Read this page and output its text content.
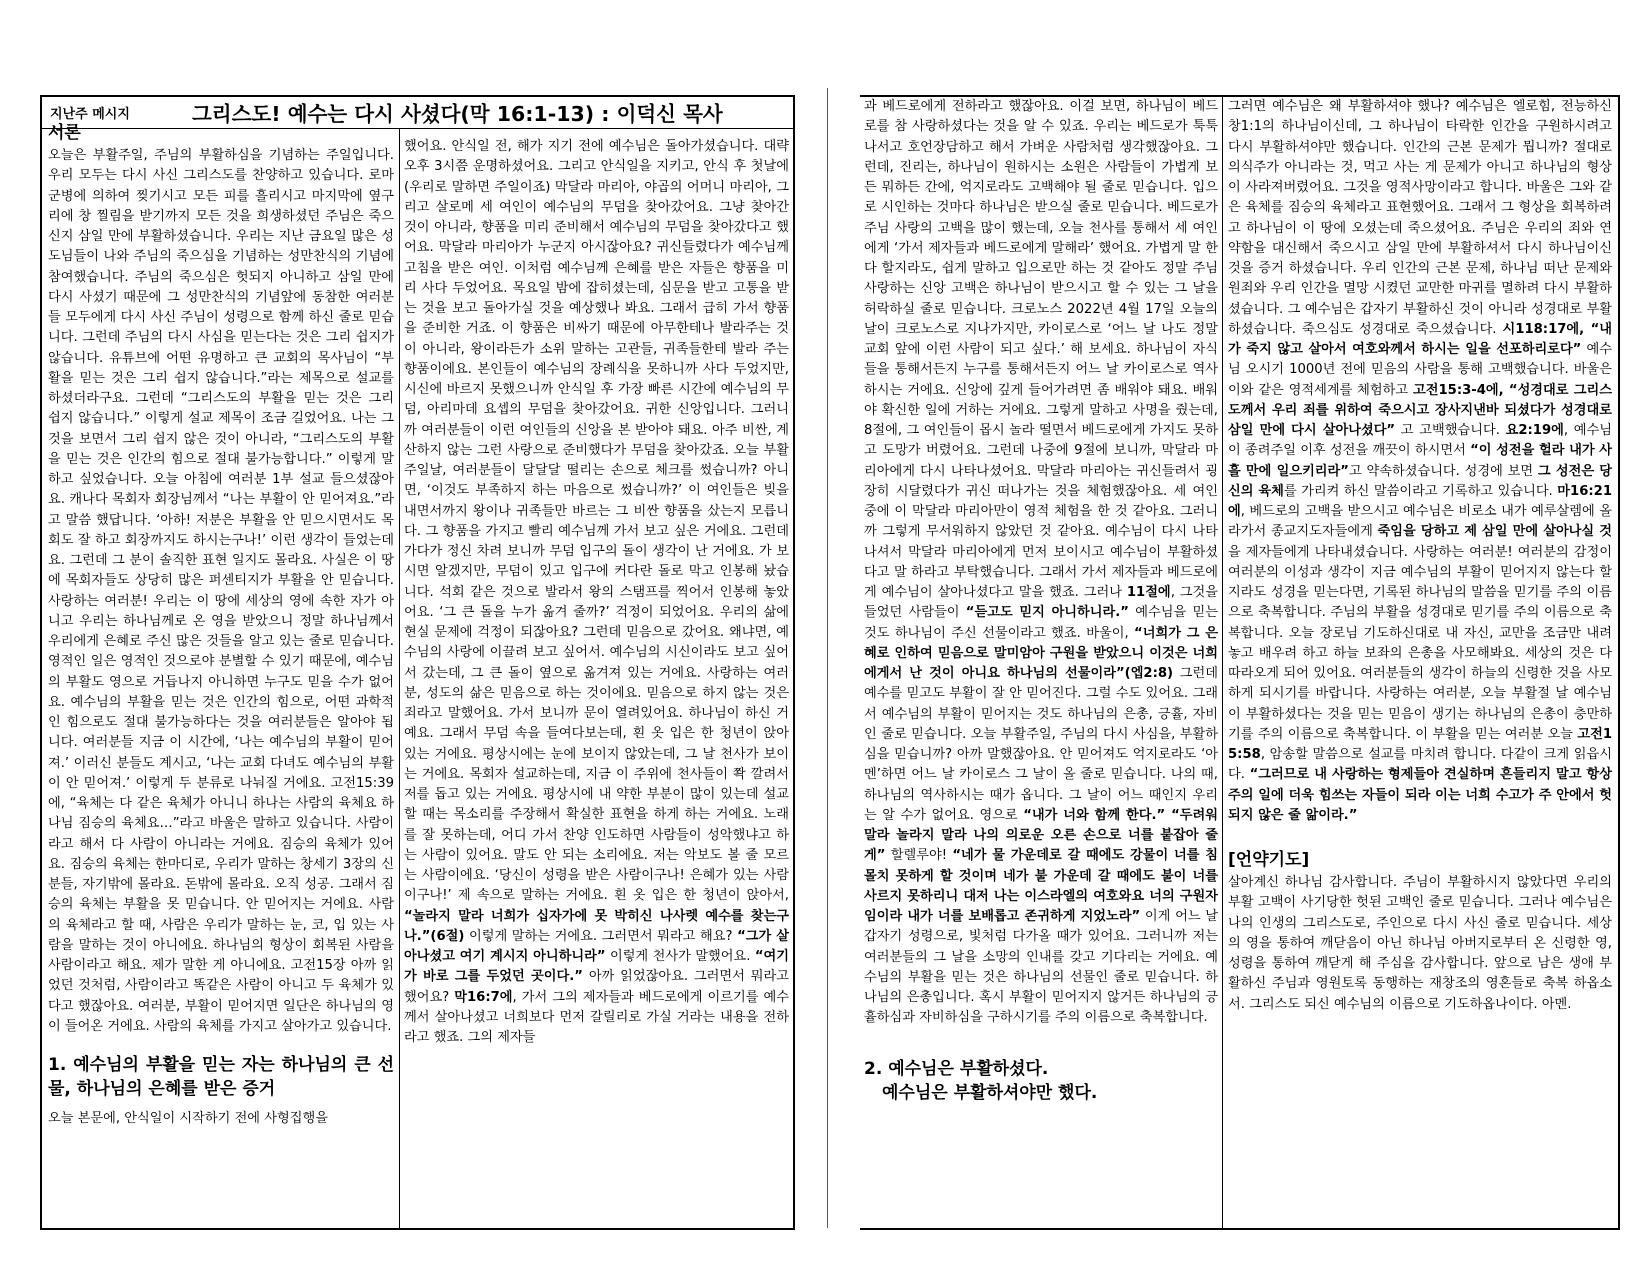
지난주 메시지	그리스도! 예수는 다시 사셨다(막 16:1-13) : 이덕신 목사

서론

오늘은 부활주일, 주님의 부활하심을 기념하는 주일입니다. 우리 모두는 다시 사신 그리스도를 찬양하고 있습니다. 로마 군병에 의하여 찢기시고 모든 피를 흘리시고 마지막에 옆구리에 창 찔림을 받기까지 모든 것을 희생하셨던 주님은 죽으신지 삼일 만에 부활하셨습니다. 우리는 지난 금요일 많은 성도님들이 나와 주님의 죽으심을 기념하는 성만찬식의 기념에 참여했습니다. 주님의 죽으심은 헛되지 아니하고 삼일 만에 다시 사셨기 때문에 그 성만찬식의 기념앞에 동참한 여러분들 모두에게 다시 사신 주님이 성령으로 함께 하신 줄로 믿습니다. 그런데 주님의 다시 사심을 믿는다는 것은 그리 쉽지가 않습니다. 유튜브에 어떤 유명하고 큰 교회의 목사님이 “부활을 믿는 것은 그리 쉽지 않습니다.”라는 제목으로 설교를 하셨더라구요. 그런데 “그리스도의 부활을 믿는 것은 그리 쉽지 않습니다.” 이렇게 설교 제목이 조금 길었어요. 나는 그것을 보면서 그리 쉽지 않은 것이 아니라, “그리스도의 부활을 믿는 것은 인간의 힘으로 절대 불가능합니다.” 이렇게 말하고 싶었습니다. 오늘 아침에 여러분 1부 설교 들으셨잖아요. 캐나다 목회자 회장님께서 “나는 부활이 안 믿어져요.”라고 말씀 했답니다. ‘아하! 저분은 부활을 안 믿으시면서도 목회도 잘 하고 회장까지도 하시는구나!’ 이런 생각이 들었는데요. 그런데 그 분이 솔직한 표현 일지도 몰라요. 사실은 이 땅에 목회자들도 상당히 많은 퍼센티지가 부활을 안 믿습니다. 사랑하는 여러분! 우리는 이 땅에 세상의 영에 속한 자가 아니고 우리는 하나님께로 온 영을 받았으니 정말 하나님께서 우리에게 은혜로 주신 많은 것들을 알고 있는 줄로 믿습니다. 영적인 일은 영적인 것으로야 분별할 수 있기 때문에, 예수님의 부활도 영으로 거듭나지 아니하면 누구도 믿을 수가 없어요. 예수님의 부활을 믿는 것은 인간의 힘으로, 어떤 과학적인 힘으로도 절대 불가능하다는 것을 여러분들은 알아야 됩니다. 여러분들 지금 이 시간에, ‘나는 예수님의 부활이 믿어져.’ 이러신 분들도 계시고, ‘나는 교회 다녀도 예수님의 부활이 안 믿어져.’ 이렇게 두 분류로 나눠질 거에요. 고전15:39에, “육체는 다 같은 육체가 아니니 하나는 사람의 육체요 하나님 짐승의 육체요…”라고 바울은 말하고 있습니다. 사람이라고 해서 다 사람이 아니라는 거에요. 짐승의 육체가 있어요. 짐승의 육체는 한마디로, 우리가 말하는 창세기 3장의 신분들, 자기밖에 몰라요. 돈밖에 몰라요. 오직 성공. 그래서 짐승의 육체는 부활을 못 믿습니다. 안 믿어지는 거에요. 사람의 육체라고 할 때, 사람은 우리가 말하는 눈, 코, 입 있는 사람을 말하는 것이 아니에요. 하나님의 형상이 회복된 사람을 사람이라고 해요. 제가 말한 게 아니에요. 고전15장 아까 읽었던 것처럼, 사람이라고 똑같은 사람이 아니고 두 육체가 있다고 했잖아요. 여러분, 부활이 믿어지면 일단은 하나님의 영이 들어온 거에요. 사람의 육체를 가지고 살아가고 있습니다.

1. 예수님의 부활을 믿는 자는 하나님의 큰 선물, 하나님의 은혜를 받은 증거

오늘 본문에, 안식일이 시작하기 전에 사형집행을

했어요. 안식일 전, 해가 지기 전에 예수님은 돌아가셨습니다. 대략 오후 3시쯤 운명하셨어요. 그리고 안식일을 지키고, 안식 후 첫날에(우리로 말하면 주일이죠) 막달라 마리아, 야곱의 어머니 마리아, 그리고 살로메 세 여인이 예수님의 무덤을 찾아갔어요. 그냥 찾아간 것이 아니라, 향품을 미리 준비해서 예수님의 무덤을 찾아갔다고 했어요. 막달라 마리아가 누군지 아시잖아요? 귀신들렸다가 예수님께 고침을 받은 여인. 이처럼 예수님께 은혜를 받은 자들은 향품을 미리 사다 두었어요. 목요일 밤에 잡히셨는데, 심문을 받고 고통을 받는 것을 보고 돌아가실 것을 예상했나 봐요. 그래서 급히 가서 향품을 준비한 거죠. 이 향품은 비싸기 때문에 아무한테나 발라주는 것이 아니라, 왕이라든가 소위 말하는 고관들, 귀족들한테 발라 주는 향품이에요. 본인들이 예수님의 장례식을 못하니까 사다 두었지만, 시신에 바르지 못했으니까 안식일 후 가장 빠른 시간에 예수님의 무덤, 아리마데 요셉의 무덤을 찾아갔어요. 귀한 신앙입니다. 그러니까 여러분들이 이런 여인들의 신앙을 본 받아야 돼요. 아주 비싼, 계산하지 않는 그런 사랑으로 준비했다가 무덤을 찾아갔죠. 오늘 부활주일날, 여러분들이 달달달 떨리는 손으로 체크를 썼습니까? 아니면, ‘이것도 부족하지 하는 마음으로 썼습니까?’ 이 여인들은 빚을 내면서까지 왕이나 귀족들만 바르는 그 비싼 향품을 샀는지 모릅니다. 그 향품을 가지고 빨리 예수님께 가서 보고 싶은 거에요. 그런데 가다가 정신 차려 보니까 무덤 입구의 돌이 생각이 난 거에요. 가 보시면 알겠지만, 무덤이 있고 입구에 커다란 돌로 막고 인봉해 놨습니다. 석회 같은 것으로 발라서 왕의 스탬프를 찍어서 인봉해 놓았어요. ‘그 큰 돌을 누가 옮겨 줄까?’ 걱정이 되었어요. 우리의 삶에 현실 문제에 걱정이 되잖아요? 그런데 믿음으로 갔어요. 왜냐면, 예수님의 사랑에 이끌려 보고 싶어서. 예수님의 시신이라도 보고 싶어서 갔는데, 그 큰 돌이 옆으로 옮겨져 있는 거에요. 사랑하는 여러분, 성도의 삶은 믿음으로 하는 것이에요. 믿음으로 하지 않는 것은 죄라고 말했어요. 가서 보니까 문이 열려있어요. 하나님이 하신 거예요. 그래서 무덤 속을 들여다보는데, 흰 옷 입은 한 청년이 앉아 있는 거에요. 평상시에는 눈에 보이지 않았는데, 그 날 천사가 보이는 거에요. 목회자 설교하는데, 지금 이 주위에 천사들이 쫙 깔려서 저를 돕고 있는 거에요. 평상시에 내 약한 부분이 많이 있는데 설교할 때는 목소리를 주장해서 확실한 표현을 하게 하는 거에요. 노래를 잘 못하는데, 어디 가서 찬양 인도하면 사람들이 성악했냐고 하는 사람이 있어요. 말도 안 되는 소리에요. 저는 악보도 볼 줄 모르는 사람이에요. ‘당신이 성령을 받은 사람이구나! 은혜가 있는 사람이구나!’ 제 속으로 말하는 거에요. 흰 옷 입은 한 청년이 앉아서, “놀라지 말라 너희가 십자가에 못 박히신 나사렛 예수를 찾는구나.”(6절) 이렇게 말하는 거에요. 그러면서 뭐라고 해요? “그가 살아나셨고 여기 계시지 아니하니라” 이렇게 천사가 말했어요. “여기가 바로 그를 두었던 곳이다.” 아까 읽었잖아요. 그러면서 뭐라고 했어요? 막16:7에, 가서 그의 제자들과 베드로에게 이르기를 예수께서 살아나셨고 너희보다 먼저 갈릴리로 가실 거라는 내용을 전하라고 했죠. 그의 제자들

과 베드로에게 전하라고 했잖아요. 이걸 보면, 하나님이 베드로를 참 사랑하셨다는 것을 알 수 있죠. 우리는 베드로가 툭툭 나서고 호언장담하고 해서 가벼운 사람처럼 생각했잖아요. 그런데, 진리는, 하나님이 원하시는 소원은 사람들이 가볍게 보든 뭐하든 간에, 억지로라도 고백해야 될 줄로 믿습니다. 입으로 시인하는 것마다 하나님은 받으실 줄로 믿습니다. 베드로가 주님 사랑의 고백을 많이 했는데, 오늘 천사를 통해서 세 여인에게 ‘가서 제자들과 베드로에게 말해라’ 했어요. 가볍게 말 한다 할지라도, 쉽게 말하고 입으로만 하는 것 같아도 정말 주님 사랑하는 신앙 고백은 하나님이 받으시고 할 수 있는 그 날을 허락하실 줄로 믿습니다. 크로노스 2022년 4월 17일 오늘의 날이 크로노스로 지나가지만, 카이로스로 ‘어느 날 나도 정말 교회 앞에 이런 사람이 되고 싶다.’ 해 보세요. 하나님이 자식들을 통해서든지 누구를 통해서든지 어느 날 카이로스로 역사하시는 거에요. 신앙에 깊게 들어가려면 좀 배워야 돼요. 배워야 확신한 일에 거하는 거에요. 그렇게 말하고 사명을 줬는데, 8절에, 그 여인들이 몹시 놀라 떨면서 베드로에게 가지도 못하고 도망가 버렸어요. 그런데 나중에 9절에 보니까, 막달라 마리아에게 다시 나타나셨어요. 막달라 마리아는 귀신들려서 굉장히 시달렸다가 귀신 떠나가는 것을 체험했잖아요. 세 여인 중에 이 막달라 마리아만이 영적 체험을 한 것 같아요. 그러니까 그렇게 무서워하지 않았던 것 같아요. 예수님이 다시 나타 나셔서 막달라 마리아에게 먼저 보이시고 예수님이 부활하셨다고 말 하라고 부탁했습니다. 그래서 가서 제자들과 베드로에게 예수님이 살아나셨다고 말을 했죠. 그러나 11절에, 그것을 들었던 사람들이 “듣고도 믿지 아니하니라.” 예수님을 믿는 것도 하나님이 주신 선물이라고 했죠. 바울이, “너희가 그 은혜로 인하여 믿음으로 말미암아 구원을 받았으니 이것은 너희에게서 난 것이 아니요 하나님의 선물이라”(엡2:8) 그런데 예수를 믿고도 부활이 잘 안 믿어진다. 그럴 수도 있어요. 그래서 예수님의 부활이 믿어지는 것도 하나님의 은총, 긍휼, 자비인 줄로 믿습니다. 오늘 부활주일, 주님의 다시 사심을, 부활하심을 믿습니까? 아까 말했잖아요. 안 믿어져도 억지로라도 ‘아멘’하면 어느 날 카이로스 그 날이 올 줄로 믿습니다. 나의 때, 하나님의 역사하시는 때가 옵니다. 그 날이 어느 때인지 우리는 알 수가 없어요. 영으로 “내가 너와 함께 한다.” “두려워 말라 놀라지 말라 나의 의로운 오른 손으로 너를 붙잡아 줄게” 할렐루야! “네가 물 가운데로 갈 때에도 강물이 너를 침몰치 못하게 할 것이며 네가 불 가운데 갈 때에도 불이 너를 사르지 못하리니 대저 나는 이스라엘의 여호와요 너의 구원자임이라 내가 너를 보배롭고 존귀하게 지었노라” 이게 어느 날 갑자기 성령으로, 빛처럼 다가올 때가 있어요. 그러니까 저는 여러분들의 그 날을 소망의 인내를 갖고 기다리는 거에요. 예수님의 부활을 믿는 것은 하나님의 선물인 줄로 믿습니다. 하나님의 은총입니다. 혹시 부활이 믿어지지 않거든 하나님의 긍휼하심과 자비하심을 구하시기를 주의 이름으로 축복합니다.

2. 예수님은 부활하셨다.

예수님은 부활하셔야만 했다.

그러면 예수님은 왜 부활하셔야 했나? 예수님은 엘로힘, 전능하신 창1:1의 하나님이신데, 그 하나님이 타락한 인간을 구원하시려고 다시 부활하셔야만 했습니다. 인간의 근본 문제가 뭡니까? 절대로 의식주가 아니라는 것, 먹고 사는 게 문제가 아니고 하나님의 형상이 사라져버렸어요. 그것을 영적사망이라고 합니다. 바울은 그와 같은 육체를 짐승의 육체라고 표현했어요. 그래서 그 형상을 회복하려고 하나님이 이 땅에 오셨는데 죽으셨어요. 주님은 우리의 죄와 연약함을 대신해서 죽으시고 삼일 만에 부활하셔서 다시 하나님이신 것을 증거 하셨습니다. 우리 인간의 근본 문제, 하나님 떠난 문제와 원죄와 우리 인간을 멸망 시켰던 교만한 마귀를 멸하려 다시 부활하셨습니다. 그 예수님은 갑자기 부활하신 것이 아니라 성경대로 부활하셨습니다. 죽으심도 성경대로 죽으셨습니다. 시118:17에, “내가 죽지 않고 살아서 여호와께서 하시는 일을 선포하리로다” 예수님 오시기 1000년 전에 믿음의 사람을 통해 고백했습니다. 바울은 이와 같은 영적세계를 체험하고 고전15:3-4에, “성경대로 그리스도께서 우리 죄를 위하여 죽으시고 장사지낸바 되셨다가 성경대로 삼일 만에 다시 살아나셨다” 고 고백했습니다. 요2:19에, 예수님이 종려주일 이후 성전을 깨끗이 하시면서 “이 성전을 헐라 내가 사흘 만에 일으키리라”고 약속하셨습니다. 성경에 보면 그 성전은 당신의 육체를 가리켜 하신 말씀이라고 기록하고 있습니다. 마16:21에, 베드로의 고백을 받으시고 예수님은 비로소 내가 예루살렘에 올라가서 종교지도자들에게 죽임을 당하고 제 삼일 만에 살아나실 것을 제자들에게 나타내셨습니다. 사랑하는 여러분! 여러분의 감정이 여러분의 이성과 생각이 지금 예수님의 부활이 믿어지지 않는다 할지라도 성경을 믿는다면, 기록된 하나님의 말씀을 믿기를 주의 이름으로 축복합니다. 주님의 부활을 성경대로 믿기를 주의 이름으로 축복합니다. 오늘 장로님 기도하신대로 내 자신, 교만을 조금만 내려놓고 배우려 하고 하늘 보좌의 은총을 사모해봐요. 세상의 것은 다 따라오게 되어 있어요. 여러분들의 생각이 하늘의 신령한 것을 사모하게 되시기를 바랍니다. 사랑하는 여러분, 오늘 부활절 날 예수님이 부활하셨다는 것을 믿는 믿음이 생기는 하나님의 은총이 충만하기를 주의 이름으로 축복합니다. 이 부활을 믿는 여러분 오늘 고전15:58, 암송할 말씀으로 설교를 마치려 합니다. 다같이 크게 읽읍시다. “그러므로 내 사랑하는 형제들아 견실하며 흔들리지 말고 항상 주의 일에 더욱 힘쓰는 자들이 되라 이는 너희 수고가 주 안에서 헛되지 않은 줄 앎이라.”

[언약기도]

살아계신 하나님 감사합니다. 주님이 부활하시지 않았다면 우리의 부활 고백이 사기당한 헛된 고백인 줄로 믿습니다. 그러나 예수님은 나의 인생의 그리스도로, 주인으로 다시 사신 줄로 믿습니다. 세상의 영을 통하여 깨닫음이 아닌 하나님 아버지로부터 온 신령한 영, 성령을 통하여 깨닫게 해 주심을 감사합니다. 앞으로 남은 생애 부활하신 주님과 영원토록 동행하는 재창조의 영혼들로 축복 하옵소서. 그리스도 되신 예수님의 이름으로 기도하옵나이다. 아멘.
